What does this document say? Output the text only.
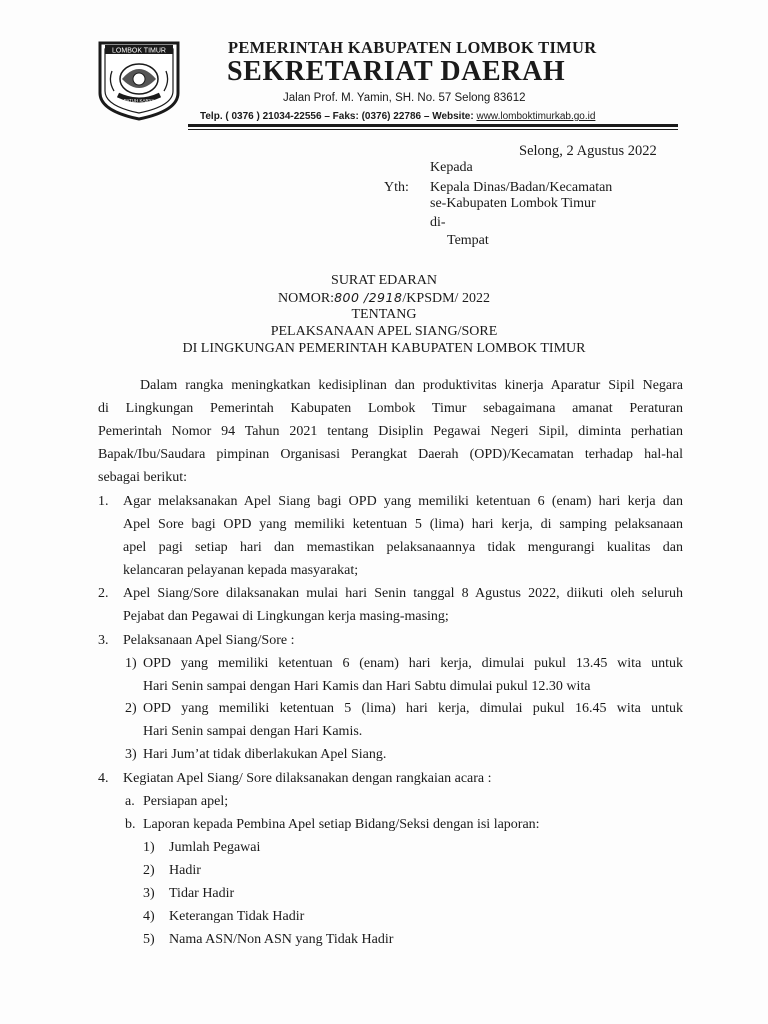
LOMBOK TIMUR
PATUH KARYA
PEMERINTAH KABUPATEN LOMBOK TIMUR
SEKRETARIAT DAERAH
Jalan Prof. M. Yamin, SH. No. 57 Selong 83612
Telp. ( 0376 ) 21034-22556 – Faks: (0376) 22786 – Website: www.lomboktimurkab.go.id
Selong, 2 Agustus 2022
Kepada
Yth: Kepala Dinas/Badan/Kecamatan
se-Kabupaten Lombok Timur
di-
Tempat
SURAT EDARAN
NOMOR:800 /2918/KPSDM/ 2022
TENTANG
PELAKSANAAN APEL SIANG/SORE
DI LINGKUNGAN PEMERINTAH KABUPATEN LOMBOK TIMUR
Dalam rangka meningkatkan kedisiplinan dan produktivitas kinerja Aparatur Sipil Negara
di Lingkungan Pemerintah Kabupaten Lombok Timur sebagaimana amanat Peraturan
Pemerintah Nomor 94 Tahun 2021 tentang Disiplin Pegawai Negeri Sipil, diminta perhatian
Bapak/Ibu/Saudara pimpinan Organisasi Perangkat Daerah (OPD)/Kecamatan terhadap hal-hal
sebagai berikut:
1. Agar melaksanakan Apel Siang bagi OPD yang memiliki ketentuan 6 (enam) hari kerja dan
Apel Sore bagi OPD yang memiliki ketentuan 5 (lima) hari kerja, di samping pelaksanaan
apel pagi setiap hari dan memastikan pelaksanaannya tidak mengurangi kualitas dan
kelancaran pelayanan kepada masyarakat;
2. Apel Siang/Sore dilaksanakan mulai hari Senin tanggal 8 Agustus 2022, diikuti oleh seluruh
Pejabat dan Pegawai di Lingkungan kerja masing-masing;
3. Pelaksanaan Apel Siang/Sore :
1) OPD yang memiliki ketentuan 6 (enam) hari kerja, dimulai pukul 13.45 wita untuk
Hari Senin sampai dengan Hari Kamis dan Hari Sabtu dimulai pukul 12.30 wita
2) OPD yang memiliki ketentuan 5 (lima) hari kerja, dimulai pukul 16.45 wita untuk
Hari Senin sampai dengan Hari Kamis.
3) Hari Jum’at tidak diberlakukan Apel Siang.
4. Kegiatan Apel Siang/ Sore dilaksanakan dengan rangkaian acara :
a. Persiapan apel;
b. Laporan kepada Pembina Apel setiap Bidang/Seksi dengan isi laporan:
1) Jumlah Pegawai
2) Hadir
3) Tidar Hadir
4) Keterangan Tidak Hadir
5) Nama ASN/Non ASN yang Tidak Hadir
